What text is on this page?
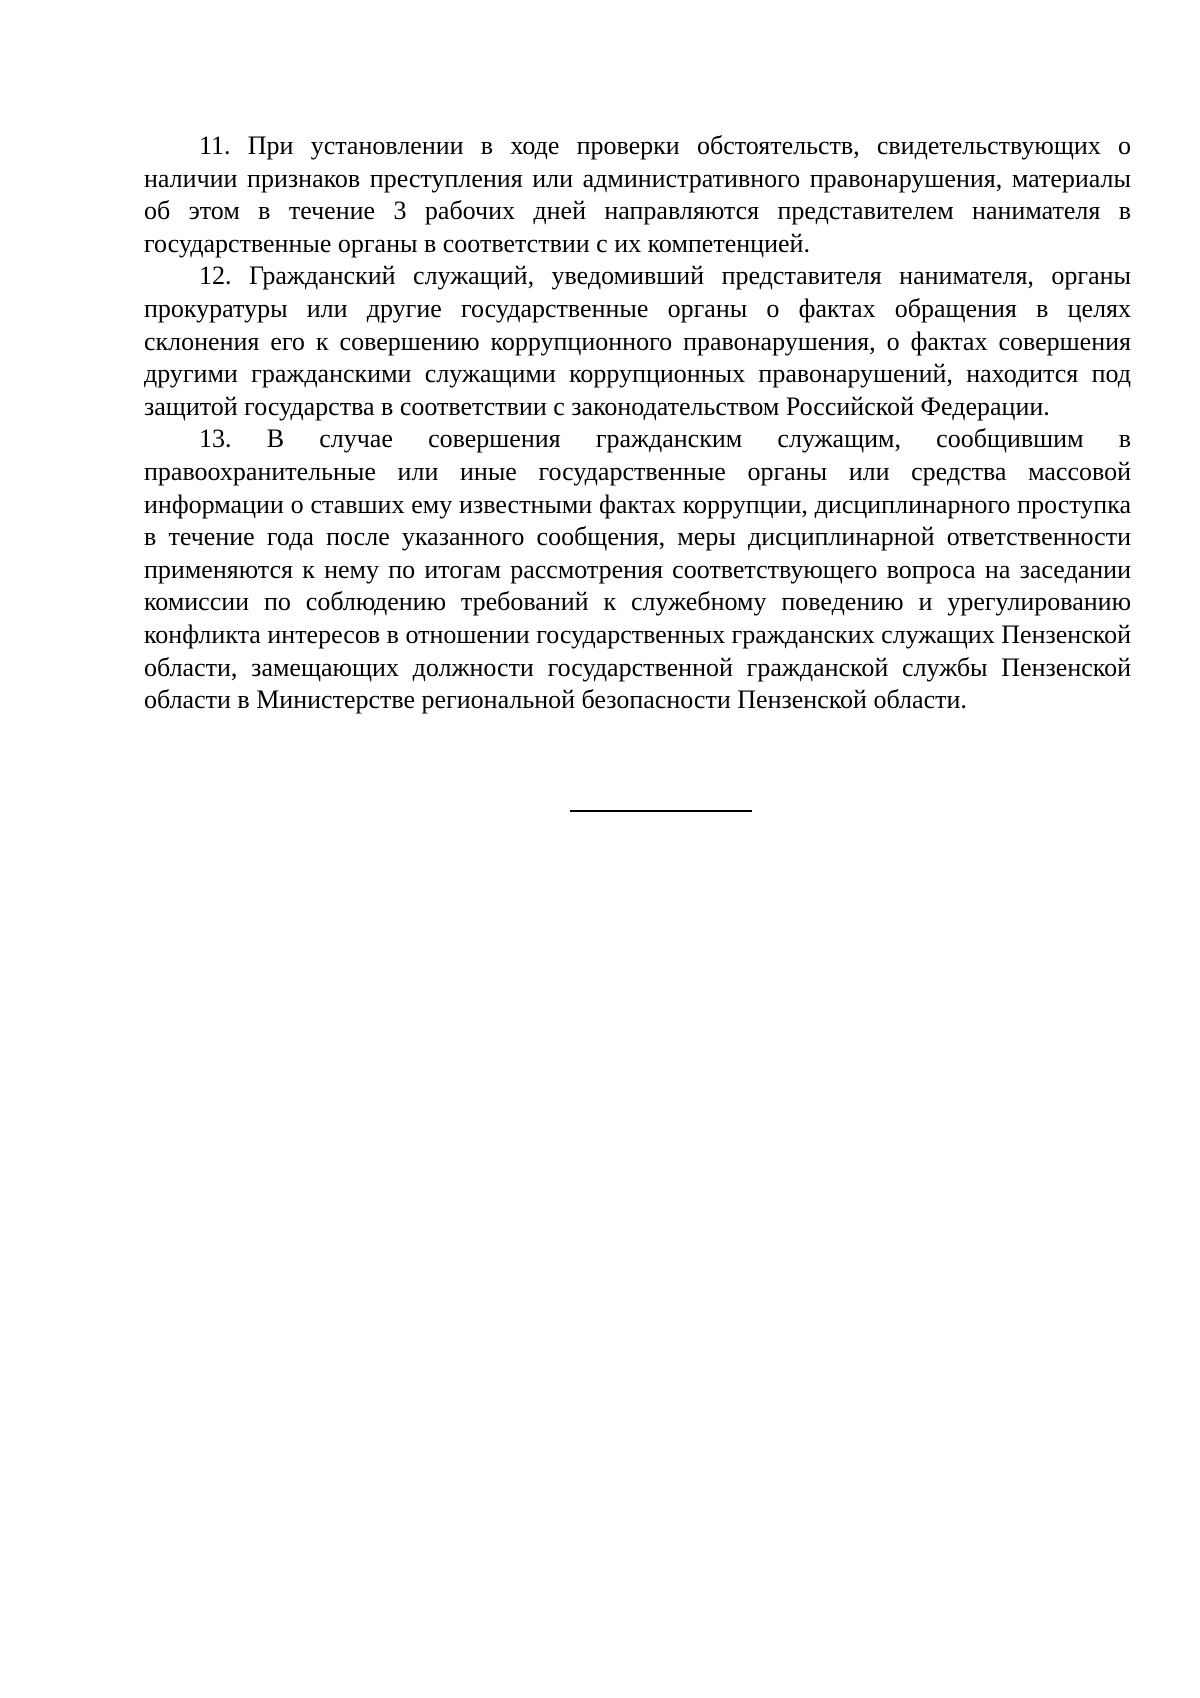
11. При установлении в ходе проверки обстоятельств, свидетельствующих о наличии признаков преступления или административного правонарушения, материалы об этом в течение 3 рабочих дней направляются представителем нанимателя в государственные органы в соответствии с их компетенцией.

12. Гражданский служащий, уведомивший представителя нанимателя, органы прокуратуры или другие государственные органы о фактах обращения в целях склонения его к совершению коррупционного правонарушения, о фактах совершения другими гражданскими служащими коррупционных правонарушений, находится под защитой государства в соответствии с законодательством Российской Федерации.

13. В случае совершения гражданским служащим, сообщившим в правоохранительные или иные государственные органы или средства массовой информации о ставших ему известными фактах коррупции, дисциплинарного проступка в течение года после указанного сообщения, меры дисциплинарной ответственности применяются к нему по итогам рассмотрения соответствующего вопроса на заседании комиссии по соблюдению требований к служебному поведению и урегулированию конфликта интересов в отношении государственных гражданских служащих Пензенской области, замещающих должности государственной гражданской службы Пензенской области в Министерстве региональной безопасности Пензенской области.
